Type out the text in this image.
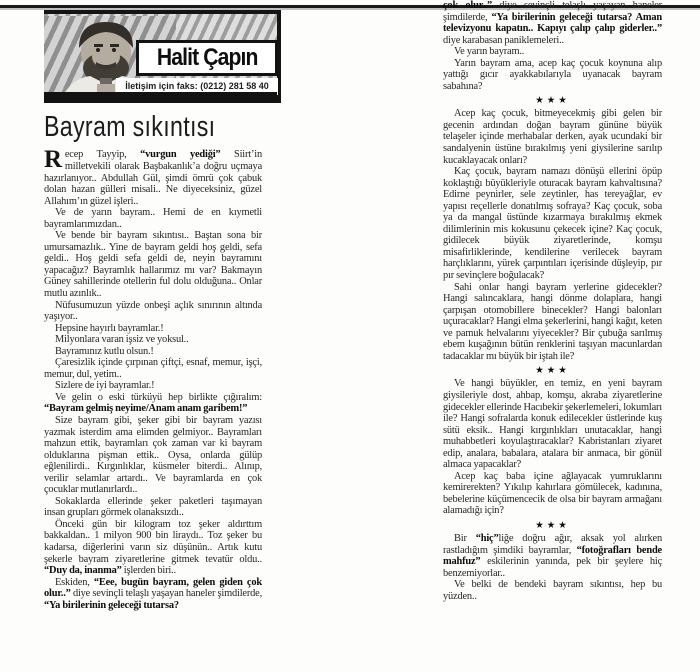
Halit Çapın
İletişim için faks: (0212) 281 58 40
Bayram sıkıntısı

Recep Tayyip, “vurgun yediği” Siirt’in milletvekili olarak Başbakanlık’a doğru uçmaya hazırlanıyor.. Abdullah Gül, şimdi ömrü çok çabuk dolan hazan gülleri misali.. Ne diyeceksiniz, güzel Allahım’ın güzel işleri..

Ve de yarın bayram.. Hemi de en kıymetli bayramlarımızdan..

Ve bende bir bayram sıkıntısı.. Baştan sona bir umursamazlık.. Yine de bayram geldi hoş geldi, sefa geldi.. Hoş geldi sefa geldi de, neyin bayramını yapacağız? Bayramlık hallarımız mı var? Bakmayın Güney sahillerinde otellerin ful dolu olduğuna.. Onlar mutlu azınlık..

Nüfusumuzun yüzde onbeşi açlık sınırının altında yaşıyor..

Hepsine hayırlı bayramlar.!

Milyonlara varan işsiz ve yoksul..

Bayramınız kutlu olsun.!

Çaresizlik içinde çırpınan çiftçi, esnaf, memur, işçi, memur, dul, yetim..

Sizlere de iyi bayramlar.!

Ve gelin o eski türküyü hep birlikte çığıralım: “Bayram gelmiş neyime/Anam anam garibem!”

Size bayram gibi, şeker gibi bir bayram yazısı yazmak isterdim ama elimden gelmiyor.. Bayramları mahzun ettik, bayramları çok zaman var ki bayram olduklarına pişman ettik.. Oysa, onlarda gülüp eğlenilirdi.. Kırgınlıklar, küsmeler biterdi.. Alınıp, verilir selamlar artardı.. Ve bayramlarda en çok çocuklar mutlanırlardı..

Sokaklarda ellerinde şeker paketleri taşımayan insan grupları görmek olanaksızdı..

Önceki gün bir kilogram toz şeker aldırttım bakkaldan.. 1 milyon 900 bin liraydı.. Toz şeker bu kadarsa, diğerlerini varın siz düşünün.. Artık kutu şekerle bayram ziyaretlerine gitmek tevatür oldu.. “Duy da, inanma” işlerden biri..

Eskiden, “Eee, bugün bayram, gelen giden çok olur..” diye sevinçli telaşlı yaşayan haneler şimdilerde, “Ya birilerinin geleceği tutarsa?

çok olur..” diye sevinçli telaşlı yaşayan haneler şimdilerde, “Ya birilerinin geleceği tutarsa? Aman televizyonu kapatın.. Kapıyı çalıp çalıp giderler..” diye karabasan paniklemeleri..

Ve yarın bayram..

Yarın bayram ama, acep kaç çocuk koynuna alıp yattığı gıcır ayakkabılarıyla uyanacak bayram sabahına?

★★★

Acep kaç çocuk, bitmeyecekmiş gibi gelen bir gecenin ardından doğan bayram gününe büyük telaşeler içinde merhabalar derken, ayak ucundaki bir sandalyenin üstüne bırakılmış yeni giysilerine sarılıp kucaklayacak onları?

Kaç çocuk, bayram namazı dönüşü ellerini öpüp koklaştığı büyükleriyle oturacak bayram kahvaltısına? Edirne peynirler, sele zeytinler, has tereyağlar, ev yapısı reçellerle donatılmış sofraya? Kaç çocuk, soba ya da mangal üstünde kızarmaya bırakılmış ekmek dilimlerinin mis kokusunu çekecek içine? Kaç çocuk, gidilecek büyük ziyaretlerinde, komşu misafirliklerinde, kendilerine verilecek bayram harçlıklarını, yürek çarpıntıları içerisinde düşleyip, pır pır sevinçlere boğulacak?

Sahi onlar hangi bayram yerlerine gidecekler? Hangi salıncaklara, hangi dönme dolaplara, hangi çarpışan otomobillere binecekler? Hangi balonları uçuracaklar? Hangi elma şekerlerini, hangi kağıt, keten ve pamuk helvalarını yiyecekler? Bir çubuğa sarılmış ebem kuşağının bütün renklerini taşıyan macunlardan tadacaklar mı büyük bir iştah ile?

★★★

Ve hangi büyükler, en temiz, en yeni bayram giysileriyle dost, ahbap, komşu, akraba ziyaretlerine gidecekler ellerinde Hacıbekir şekerlemeleri, lokumları ile? Hangi sofralarda konuk edilecekler üstlerinde kuş sütü eksik.. Hangi kırgınlıkları unutacaklar, hangi muhabbetleri koyulaştıracaklar? Kabristanları ziyaret edip, analara, babalara, atalara bir anmaca, bir gönül almaca yapacaklar?

Acep kaç baba içine ağlayacak yumruklarını kemirerekten? Yıkılıp kahırlara gömülecek, kadınına, bebelerine küçümencecik de olsa bir bayram armağanı alamadığı için?

★★★

Bir “hiç”liğe doğru ağır, aksak yol alırken rastladığım şimdiki bayramlar, “fotoğrafları bende mahfuz” eskilerinin yanında, pek bir şeylere hiç benzemiyorlar..

Ve belki de bendeki bayram sıkıntısı, hep bu yüzden..
